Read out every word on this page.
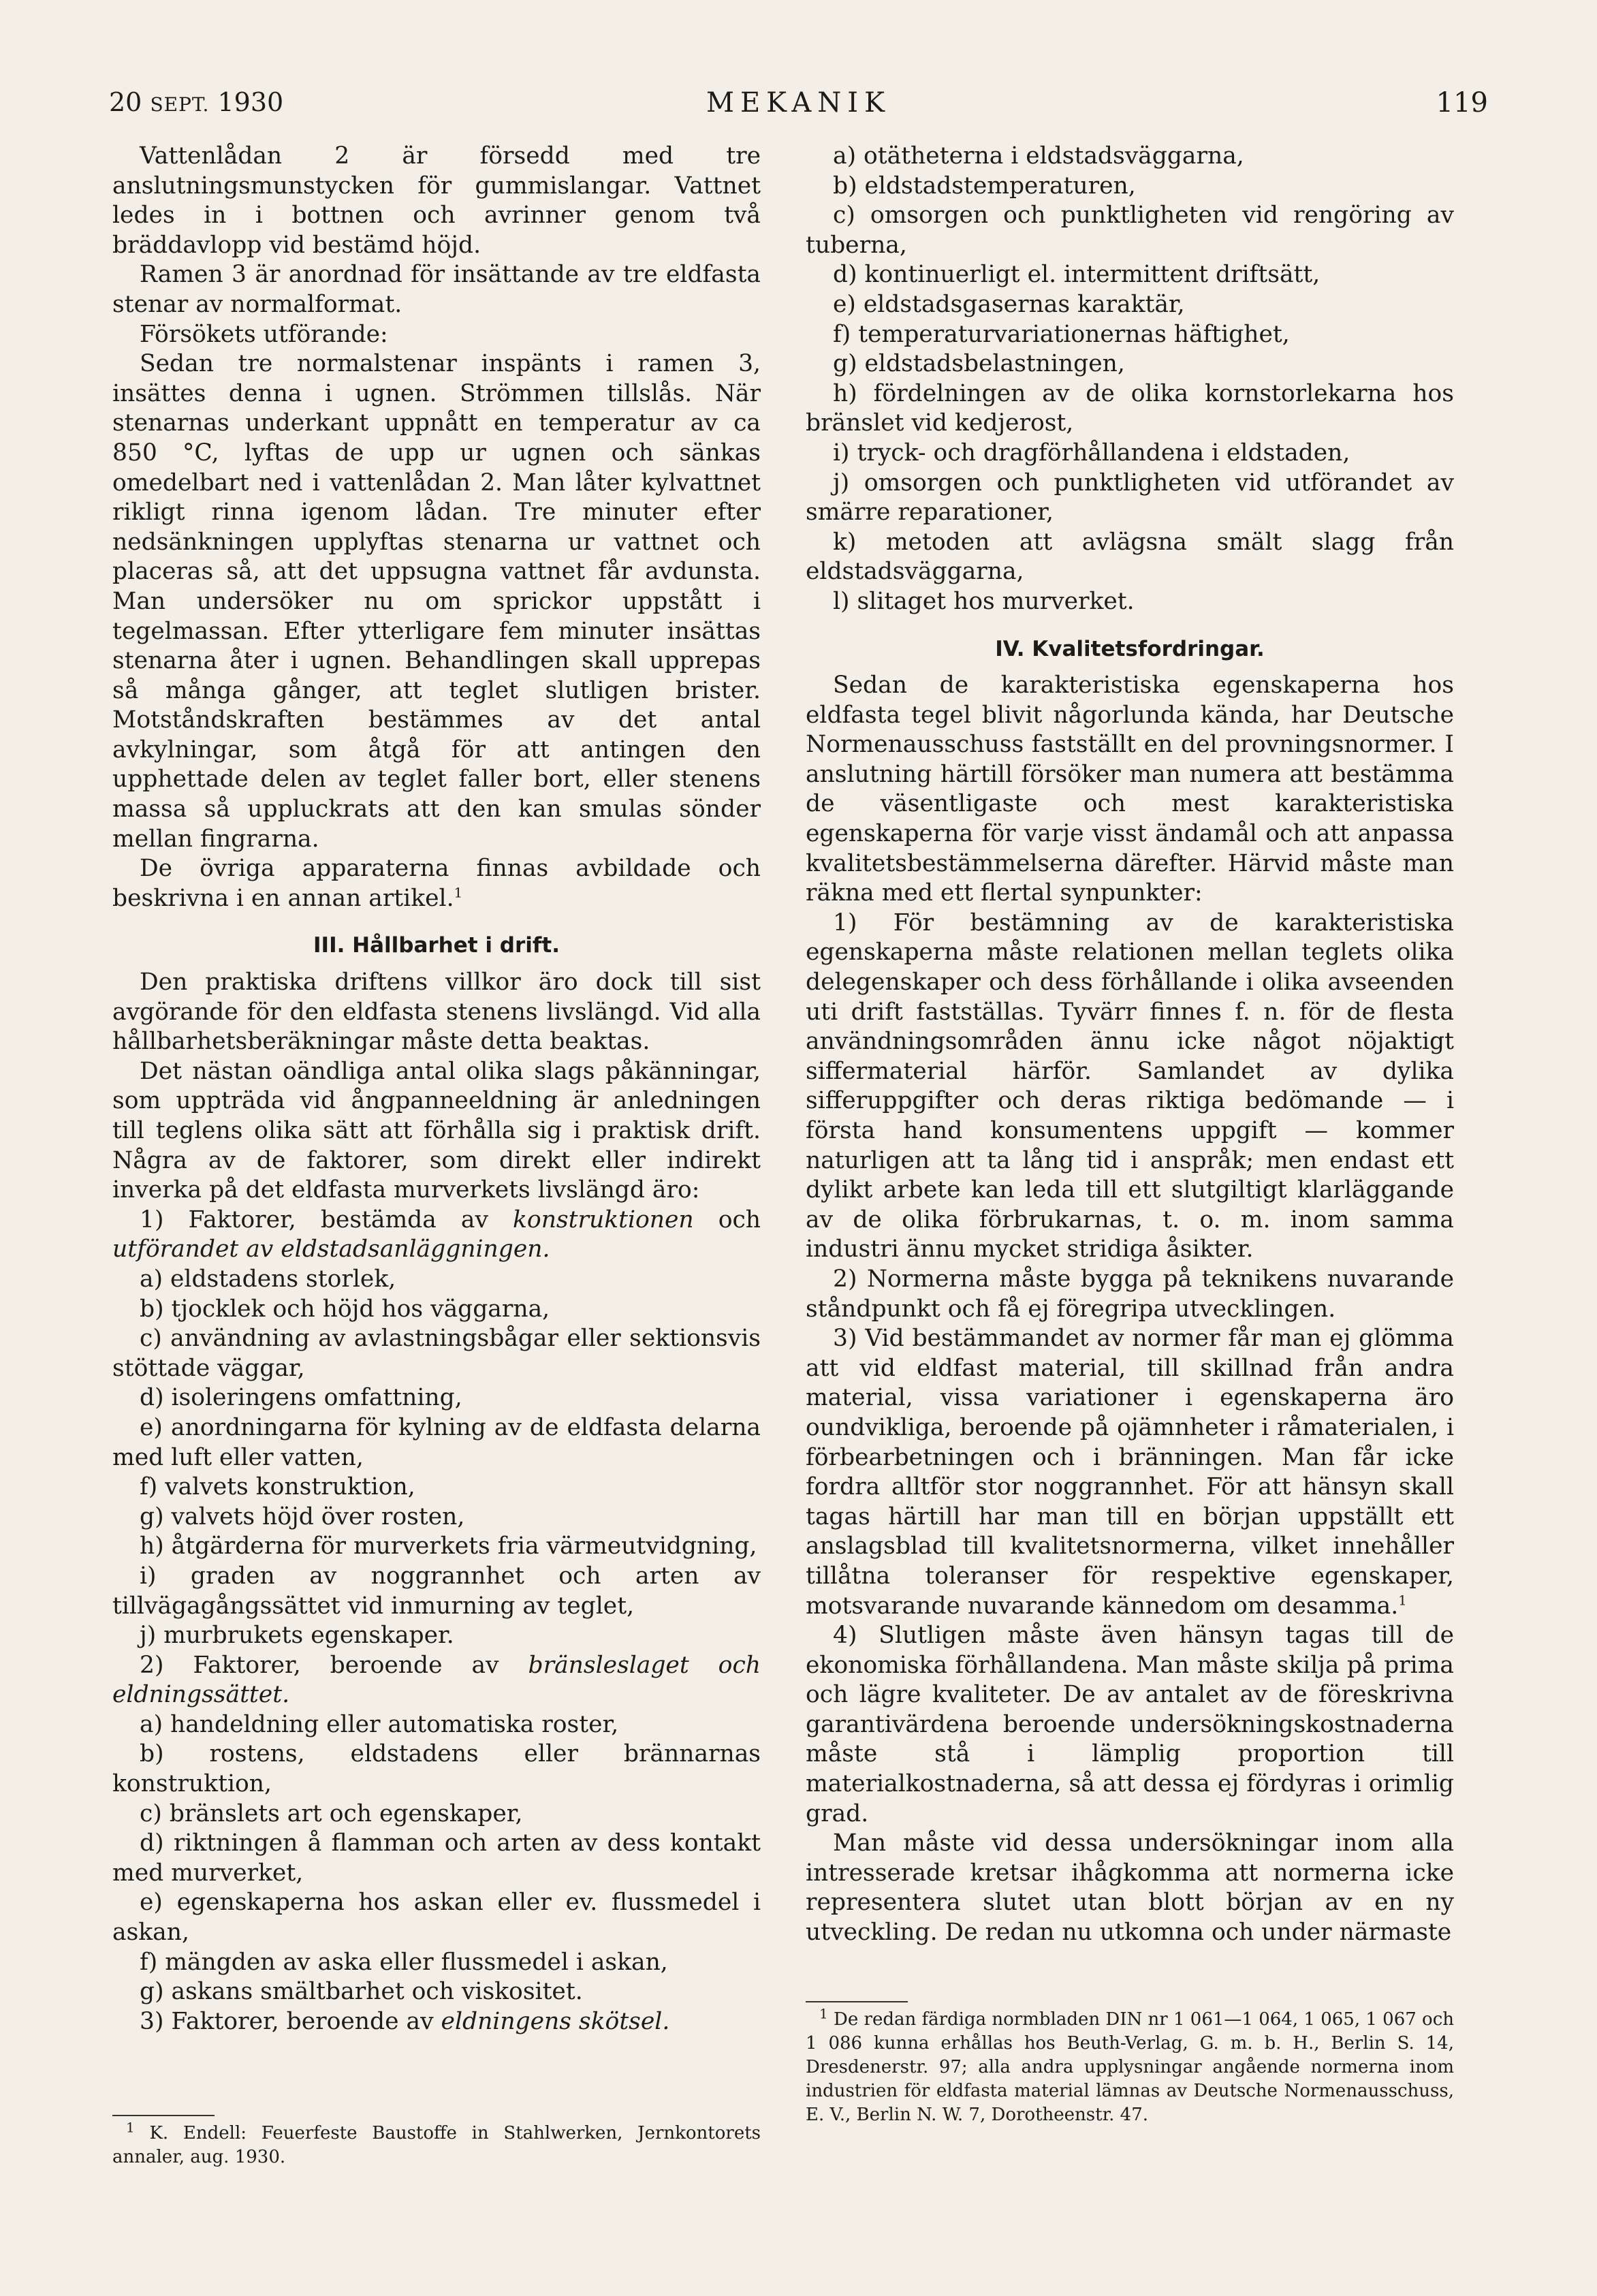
20 SEPT. 1930	MEKANIK	119

Vattenlådan 2 är försedd med tre anslutningsmunstycken för gummislangar. Vattnet ledes in i bottnen och avrinner genom två bräddavlopp vid bestämd höjd.

Ramen 3 är anordnad för insättande av tre eldfasta stenar av normalformat.

Försökets utförande:

Sedan tre normalstenar inspänts i ramen 3, insättes denna i ugnen. Strömmen tillslås. När stenarnas underkant uppnått en temperatur av ca 850 °C, lyftas de upp ur ugnen och sänkas omedelbart ned i vattenlådan 2. Man låter kylvattnet rikligt rinna igenom lådan. Tre minuter efter nedsänkningen upplyftas stenarna ur vattnet och placeras så, att det uppsugna vattnet får avdunsta. Man undersöker nu om sprickor uppstått i tegelmassan. Efter ytterligare fem minuter insättas stenarna åter i ugnen. Behandlingen skall upprepas så många gånger, att teglet slutligen brister. Motståndskraften bestämmes av det antal avkylningar, som åtgå för att antingen den upphettade delen av teglet faller bort, eller stenens massa så uppluckrats att den kan smulas sönder mellan fingrarna.

De övriga apparaterna finnas avbildade och beskrivna i en annan artikel.$^1$

III. Hållbarhet i drift.

Den praktiska driftens villkor äro dock till sist avgörande för den eldfasta stenens livslängd. Vid alla hållbarhetsberäkningar måste detta beaktas.

Det nästan oändliga antal olika slags påkänningar, som uppträda vid ångpanneeldning är anledningen till teglens olika sätt att förhålla sig i praktisk drift. Några av de faktorer, som direkt eller indirekt inverka på det eldfasta murverkets livslängd äro:

1) Faktorer, bestämda av konstruktionen och utförandet av eldstadsanläggningen.

a) eldstadens storlek,

b) tjocklek och höjd hos väggarna,

c) användning av avlastningsbågar eller sektionsvis stöttade väggar,

d) isoleringens omfattning,

e) anordningarna för kylning av de eldfasta delarna med luft eller vatten,

f) valvets konstruktion,

g) valvets höjd över rosten,

h) åtgärderna för murverkets fria värmeutvidgning,

i) graden av noggrannhet och arten av tillvägagångssättet vid inmurning av teglet,

j) murbrukets egenskaper.

2) Faktorer, beroende av bränsleslaget och eldningssättet.

a) handeldning eller automatiska roster,

b) rostens, eldstadens eller brännarnas konstruktion,

c) bränslets art och egenskaper,

d) riktningen å flamman och arten av dess kontakt med murverket,

e) egenskaperna hos askan eller ev. flussmedel i askan,

f) mängden av aska eller flussmedel i askan,

g) askans smältbarhet och viskositet.

3) Faktorer, beroende av eldningens skötsel.

$^1$ K. Endell: Feuerfeste Baustoffe in Stahlwerken, Jernkontorets annaler, aug. 1930.

a) otätheterna i eldstadsväggarna,

b) eldstadstemperaturen,

c) omsorgen och punktligheten vid rengöring av tuberna,

d) kontinuerligt el. intermittent driftsätt,

e) eldstadsgasernas karaktär,

f) temperaturvariationernas häftighet,

g) eldstadsbelastningen,

h) fördelningen av de olika kornstorlekarna hos bränslet vid kedjerost,

i) tryck- och dragförhållandena i eldstaden,

j) omsorgen och punktligheten vid utförandet av smärre reparationer,

k) metoden att avlägsna smält slagg från eldstadsväggarna,

l) slitaget hos murverket.

IV. Kvalitetsfordringar.

Sedan de karakteristiska egenskaperna hos eldfasta tegel blivit någorlunda kända, har Deutsche Normenausschuss fastställt en del provningsnormer. I anslutning härtill försöker man numera att bestämma de väsentligaste och mest karakteristiska egenskaperna för varje visst ändamål och att anpassa kvalitetsbestämmelserna därefter. Härvid måste man räkna med ett flertal synpunkter:

1) För bestämning av de karakteristiska egenskaperna måste relationen mellan teglets olika delegenskaper och dess förhållande i olika avseenden uti drift fastställas. Tyvärr finnes f. n. för de flesta användningsområden ännu icke något nöjaktigt siffermaterial härför. Samlandet av dylika sifferuppgifter och deras riktiga bedömande — i första hand konsumentens uppgift — kommer naturligen att ta lång tid i anspråk; men endast ett dylikt arbete kan leda till ett slutgiltigt klarläggande av de olika förbrukarnas, t. o. m. inom samma industri ännu mycket stridiga åsikter.

2) Normerna måste bygga på teknikens nuvarande ståndpunkt och få ej föregripa utvecklingen.

3) Vid bestämmandet av normer får man ej glömma att vid eldfast material, till skillnad från andra material, vissa variationer i egenskaperna äro oundvikliga, beroende på ojämnheter i råmaterialen, i förbearbetningen och i bränningen. Man får icke fordra alltför stor noggrannhet. För att hänsyn skall tagas härtill har man till en början uppställt ett anslagsblad till kvalitetsnormerna, vilket innehåller tillåtna toleranser för respektive egenskaper, motsvarande nuvarande kännedom om desamma.$^1$

4) Slutligen måste även hänsyn tagas till de ekonomiska förhållandena. Man måste skilja på prima och lägre kvaliteter. De av antalet av de föreskrivna garantivärdena beroende undersökningskostnaderna måste stå i lämplig proportion till materialkostnaderna, så att dessa ej fördyras i orimlig grad.

Man måste vid dessa undersökningar inom alla intresserade kretsar ihågkomma att normerna icke representera slutet utan blott början av en ny utveckling. De redan nu utkomna och under närmaste

$^1$ De redan färdiga normbladen DIN nr 1 061—1 064, 1 065, 1 067 och 1 086 kunna erhållas hos Beuth-Verlag, G. m. b. H., Berlin S. 14, Dresdenerstr. 97; alla andra upplysningar angående normerna inom industrien för eldfasta material lämnas av Deutsche Normenausschuss, E. V., Berlin N. W. 7, Dorotheenstr. 47.
